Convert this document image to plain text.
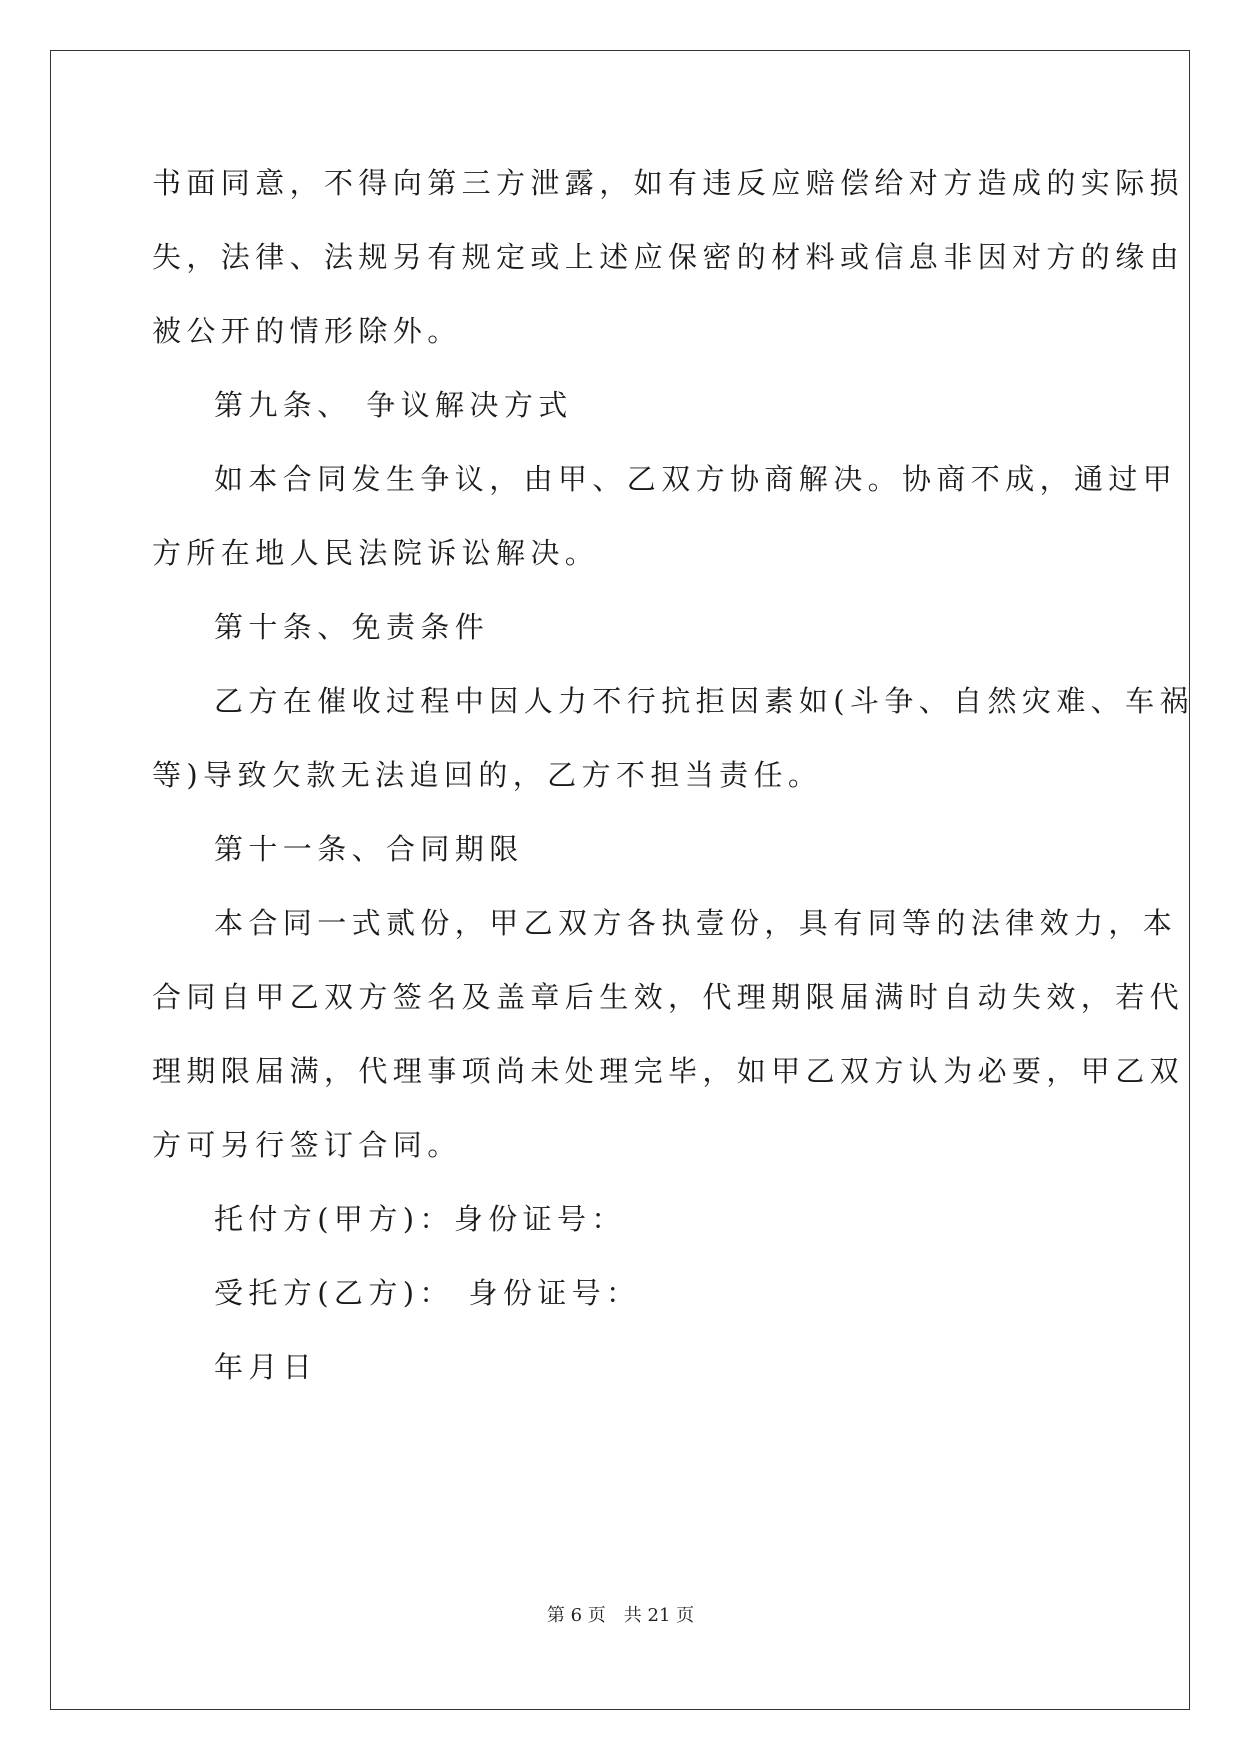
书面同意，不得向第三方泄露，如有违反应赔偿给对方造成的实际损
失，法律、法规另有规定或上述应保密的材料或信息非因对方的缘由
被公开的情形除外。
第九条、 争议解决方式
如本合同发生争议，由甲、乙双方协商解决。协商不成，通过甲
方所在地人民法院诉讼解决。
第十条、免责条件
乙方在催收过程中因人力不行抗拒因素如(斗争、自然灾难、车祸
等)导致欠款无法追回的，乙方不担当责任。
第十一条、合同期限
本合同一式贰份，甲乙双方各执壹份，具有同等的法律效力，本
合同自甲乙双方签名及盖章后生效，代理期限届满时自动失效，若代
理期限届满，代理事项尚未处理完毕，如甲乙双方认为必要，甲乙双
方可另行签订合同。
托付方(甲方)：身份证号：
受托方(乙方)： 身份证号：
年月日
第 6 页 共 21 页
